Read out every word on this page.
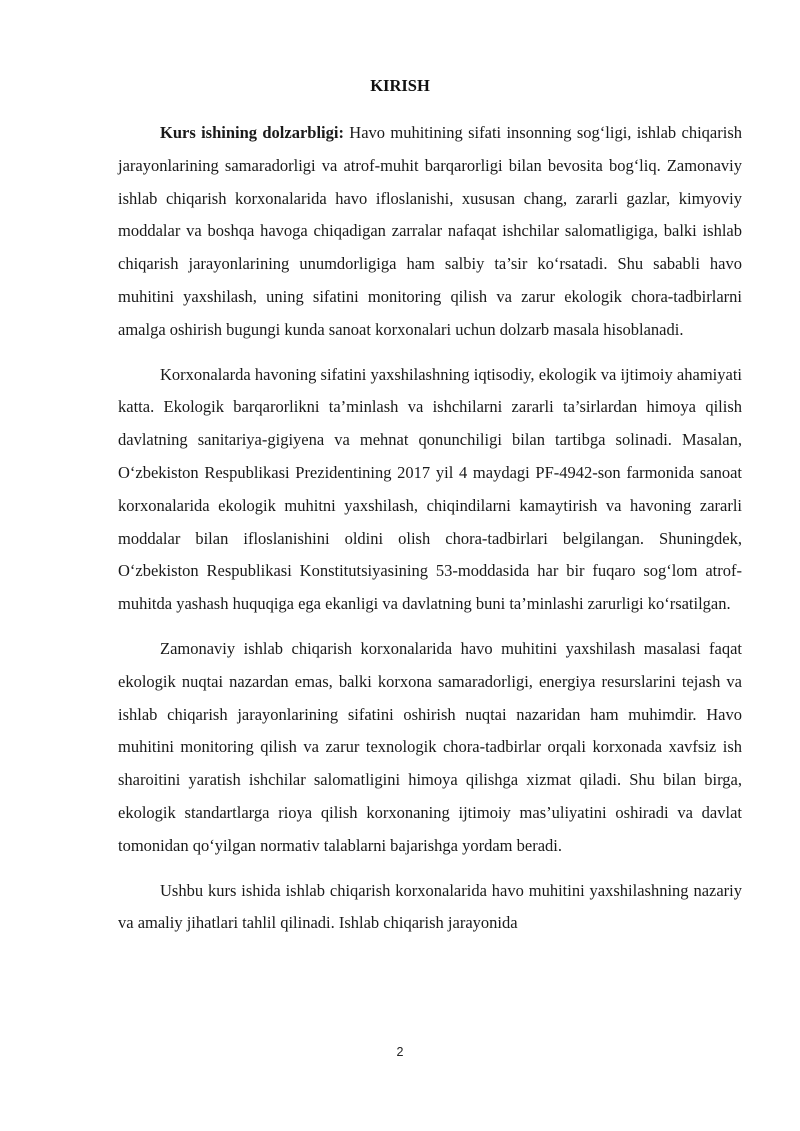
KIRISH

Kurs ishining dolzarbligi: Havo muhitining sifati insonning sog‘ligi, ishlab chiqarish jarayonlarining samaradorligi va atrof-muhit barqarorligi bilan bevosita bog‘liq. Zamonaviy ishlab chiqarish korxonalarida havo ifloslanishi, xususan chang, zararli gazlar, kimyoviy moddalar va boshqa havoga chiqadigan zarralar nafaqat ishchilar salomatligiga, balki ishlab chiqarish jarayonlarining unumdorligiga ham salbiy ta’sir ko‘rsatadi. Shu sababli havo muhitini yaxshilash, uning sifatini monitoring qilish va zarur ekologik chora-tadbirlarni amalga oshirish bugungi kunda sanoat korxonalari uchun dolzarb masala hisoblanadi.

Korxonalarda havoning sifatini yaxshilashning iqtisodiy, ekologik va ijtimoiy ahamiyati katta. Ekologik barqarorlikni ta’minlash va ishchilarni zararli ta’sirlardan himoya qilish davlatning sanitariya-gigiyena va mehnat qonunchiligi bilan tartibga solinadi. Masalan, O‘zbekiston Respublikasi Prezidentining 2017 yil 4 maydagi PF-4942-son farmonida sanoat korxonalarida ekologik muhitni yaxshilash, chiqindilarni kamaytirish va havoning zararli moddalar bilan ifloslanishini oldini olish chora-tadbirlari belgilangan. Shuningdek, O‘zbekiston Respublikasi Konstitutsiyasining 53-moddasida har bir fuqaro sog‘lom atrof-muhitda yashash huquqiga ega ekanligi va davlatning buni ta’minlashi zarurligi ko‘rsatilgan.

Zamonaviy ishlab chiqarish korxonalarida havo muhitini yaxshilash masalasi faqat ekologik nuqtai nazardan emas, balki korxona samaradorligi, energiya resurslarini tejash va ishlab chiqarish jarayonlarining sifatini oshirish nuqtai nazaridan ham muhimdir. Havo muhitini monitoring qilish va zarur texnologik chora-tadbirlar orqali korxonada xavfsiz ish sharoitini yaratish ishchilar salomatligini himoya qilishga xizmat qiladi. Shu bilan birga, ekologik standartlarga rioya qilish korxonaning ijtimoiy mas’uliyatini oshiradi va davlat tomonidan qo‘yilgan normativ talablarni bajarishga yordam beradi.

Ushbu kurs ishida ishlab chiqarish korxonalarida havo muhitini yaxshilashning nazariy va amaliy jihatlari tahlil qilinadi. Ishlab chiqarish jarayonida

2
